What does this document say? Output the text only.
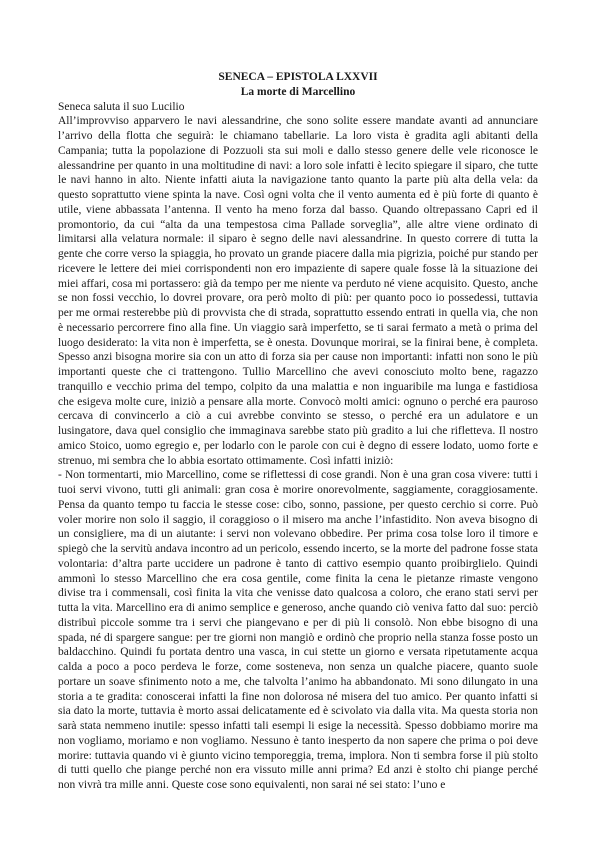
SENECA – EPISTOLA LXXVII
La morte di Marcellino

Seneca saluta il suo Lucilio

All’improvviso apparvero le navi alessandrine, che sono solite essere mandate avanti ad annunciare l’arrivo della flotta che seguirà: le chiamano tabellarie. La loro vista è gradita agli abitanti della Campania; tutta la popolazione di Pozzuoli sta sui moli e dallo stesso genere delle vele riconosce le alessandrine per quanto in una moltitudine di navi: a loro sole infatti è lecito spiegare il siparo, che tutte le navi hanno in alto. Niente infatti aiuta la navigazione tanto quanto la parte più alta della vela: da questo soprattutto viene spinta la nave. Così ogni volta che il vento aumenta ed è più forte di quanto è utile, viene abbassata l’antenna. Il vento ha meno forza dal basso. Quando oltrepassano Capri ed il promontorio, da cui “alta da una tempestosa cima Pallade sorveglia”, alle altre viene ordinato di limitarsi alla velatura normale: il siparo è segno delle navi alessandrine. In questo correre di tutta la gente che corre verso la spiaggia, ho provato un grande piacere dalla mia pigrizia, poiché pur stando per ricevere le lettere dei miei corrispondenti non ero impaziente di sapere quale fosse là la situazione dei miei affari, cosa mi portassero: già da tempo per me niente va perduto né viene acquisito. Questo, anche se non fossi vecchio, lo dovrei provare, ora però molto di più: per quanto poco io possedessi, tuttavia per me ormai resterebbe più di provvista che di strada, soprattutto essendo entrati in quella via, che non è necessario percorrere fino alla fine. Un viaggio sarà imperfetto, se ti sarai fermato a metà o prima del luogo desiderato: la vita non è imperfetta, se è onesta. Dovunque morirai, se la finirai bene, è completa. Spesso anzi bisogna morire sia con un atto di forza sia per cause non importanti: infatti non sono le più importanti queste che ci trattengono. Tullio Marcellino che avevi conosciuto molto bene, ragazzo tranquillo e vecchio prima del tempo, colpito da una malattia e non inguaribile ma lunga e fastidiosa che esigeva molte cure, iniziò a pensare alla morte. Convocò molti amici: ognuno o perché era pauroso cercava di convincerlo a ciò a cui avrebbe convinto se stesso, o perché era un adulatore e un lusingatore, dava quel consiglio che immaginava sarebbe stato più gradito a lui che rifletteva. Il nostro amico Stoico, uomo egregio e, per lodarlo con le parole con cui è degno di essere lodato, uomo forte e strenuo, mi sembra che lo abbia esortato ottimamente. Così infatti iniziò:

- Non tormentarti, mio Marcellino, come se riflettessi di cose grandi. Non è una gran cosa vivere: tutti i tuoi servi vivono, tutti gli animali: gran cosa è morire onorevolmente, saggiamente, coraggiosamente. Pensa da quanto tempo tu faccia le stesse cose: cibo, sonno, passione, per questo cerchio si corre. Può voler morire non solo il saggio, il coraggioso o il misero ma anche l’infastidito. Non aveva bisogno di un consigliere, ma di un aiutante: i servi non volevano obbedire. Per prima cosa tolse loro il timore e spiegò che la servitù andava incontro ad un pericolo, essendo incerto, se la morte del padrone fosse stata volontaria: d’altra parte uccidere un padrone è tanto di cattivo esempio quanto proibirglielo. Quindi ammonì lo stesso Marcellino che era cosa gentile, come finita la cena le pietanze rimaste vengono divise tra i commensali, così finita la vita che venisse dato qualcosa a coloro, che erano stati servi per tutta la vita. Marcellino era di animo semplice e generoso, anche quando ciò veniva fatto dal suo: perciò distribuì piccole somme tra i servi che piangevano e per di più li consolò. Non ebbe bisogno di una spada, né di spargere sangue: per tre giorni non mangiò e ordinò che proprio nella stanza fosse posto un baldacchino. Quindi fu portata dentro una vasca, in cui stette un giorno e versata ripetutamente acqua calda a poco a poco perdeva le forze, come sosteneva, non senza un qualche piacere, quanto suole portare un soave sfinimento noto a me, che talvolta l’animo ha abbandonato. Mi sono dilungato in una storia a te gradita: conoscerai infatti la fine non dolorosa né misera del tuo amico. Per quanto infatti si sia dato la morte, tuttavia è morto assai delicatamente ed è scivolato via dalla vita. Ma questa storia non sarà stata nemmeno inutile: spesso infatti tali esempi li esige la necessità. Spesso dobbiamo morire ma non vogliamo, moriamo e non vogliamo. Nessuno è tanto inesperto da non sapere che prima o poi deve morire: tuttavia quando vi è giunto vicino temporeggia, trema, implora. Non ti sembra forse il più stolto di tutti quello che piange perché non era vissuto mille anni prima? Ed anzi è stolto chi piange perché non vivrà tra mille anni. Queste cose sono equivalenti, non sarai né sei stato: l’uno e
